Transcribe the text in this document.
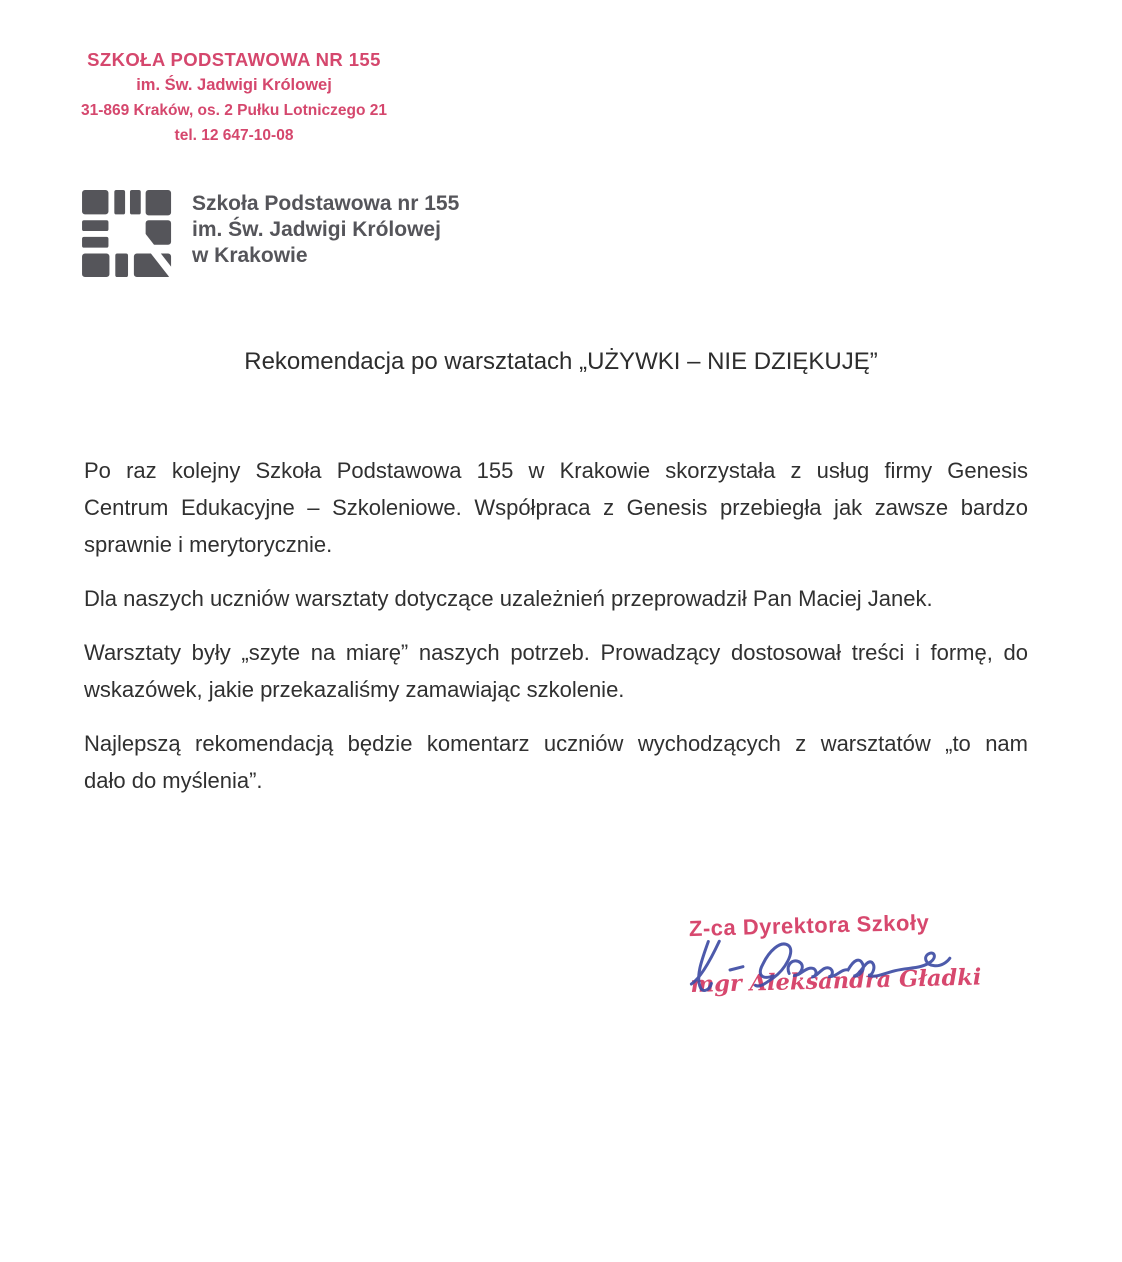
SZKOŁA PODSTAWOWA NR 155
im. Św. Jadwigi Królowej
31-869 Kraków, os. 2 Pułku Lotniczego 21
tel. 12 647-10-08
Szkoła Podstawowa nr 155
im. Św. Jadwigi Królowej
w Krakowie
Rekomendacja po warsztatach „UŻYWKI – NIE DZIĘKUJĘ”
Po raz kolejny Szkoła Podstawowa 155 w Krakowie skorzystała z usług firmy Genesis
Centrum Edukacyjne – Szkoleniowe. Współpraca z Genesis przebiegła jak zawsze bardzo
sprawnie i merytorycznie.
Dla naszych uczniów warsztaty dotyczące uzależnień przeprowadził Pan Maciej Janek.
Warsztaty były „szyte na miarę” naszych potrzeb. Prowadzący dostosował treści i formę, do
wskazówek, jakie przekazaliśmy zamawiając szkolenie.
Najlepszą rekomendacją będzie komentarz uczniów wychodzących z warsztatów „to nam
dało do myślenia”.
Z-ca Dyrektora Szkoły
mgr Aleksandra Gładki
